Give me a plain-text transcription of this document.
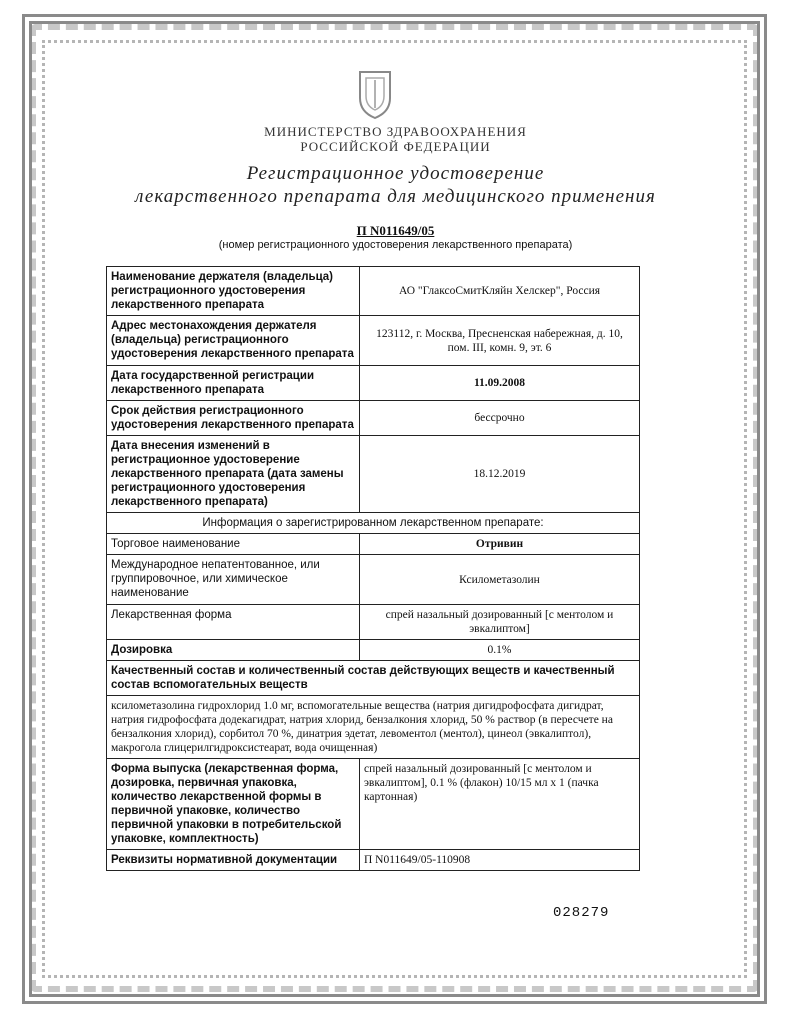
МИНИСТЕРСТВО ЗДРАВООХРАНЕНИЯ
РОССИЙСКОЙ ФЕДЕРАЦИИ
Регистрационное удостоверение
лекарственного препарата для медицинского применения
П N011649/05
(номер регистрационного удостоверения лекарственного препарата)
Наименование держателя (владельца) регистрационного удостоверения лекарственного препарата	АО "ГлаксоСмитКляйн Хелскер", Россия
Адрес местонахождения держателя (владельца) регистрационного удостоверения лекарственного препарата	123112, г. Москва, Пресненская набережная, д. 10, пом. III, комн. 9, эт. 6
Дата государственной регистрации лекарственного препарата	11.09.2008
Срок действия регистрационного удостоверения лекарственного препарата	бессрочно
Дата внесения изменений в регистрационное удостоверение лекарственного препарата (дата замены регистрационного удостоверения лекарственного препарата)	18.12.2019
Информация о зарегистрированном лекарственном препарате:	
Торговое наименование	Отривин
Международное непатентованное, или группировочное, или химическое наименование	Ксилометазолин
Лекарственная форма	спрей назальный дозированный [с ментолом и эвкалиптом]
Дозировка	0.1%
Качественный состав и количественный состав действующих веществ и качественный состав вспомогательных веществ	
ксилометазолина гидрохлорид 1.0 мг, вспомогательные вещества (натрия дигидрофосфата дигидрат, натрия гидрофосфата додекагидрат, натрия хлорид, бензалкония хлорид, 50 % раствор (в пересчете на бензалкония хлорид), сорбитол 70 %, динатрия эдетат, левоментол (ментол), цинеол (эвкалиптол), макрогола глицерилгидроксистеарат, вода очищенная)	
Форма выпуска (лекарственная форма, дозировка, первичная упаковка, количество лекарственной формы в первичной упаковке, количество первичной упаковки в потребительской упаковке, комплектность)	спрей назальный дозированный [с ментолом и эвкалиптом], 0.1 % (флакон) 10/15 мл х 1 (пачка картонная)
Реквизиты нормативной документации	П N011649/05-110908
028279
